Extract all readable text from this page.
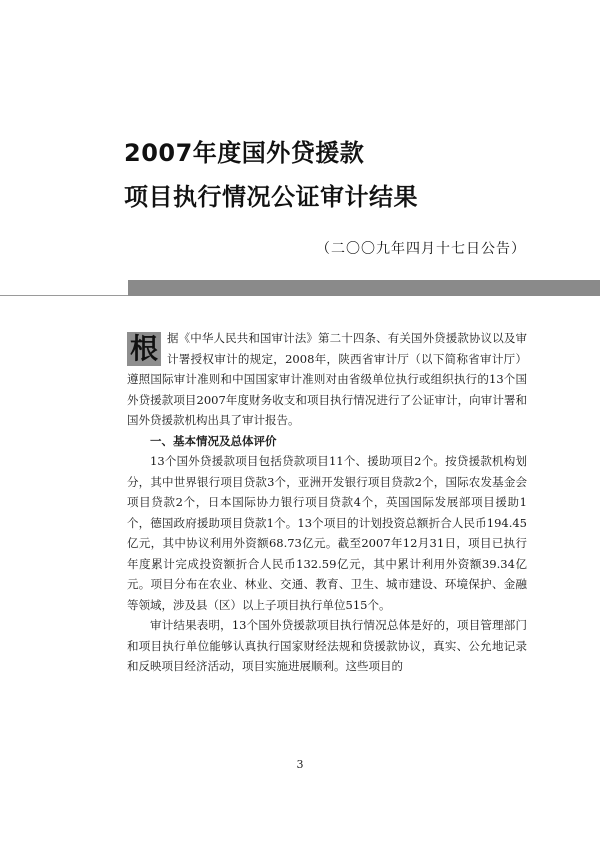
2007年度国外贷援款
项目执行情况公证审计结果

（二〇〇九年四月十七日公告）

根 据《中华人民共和国审计法》第二十四条、有关国外贷援款协议以及审计署授权审计的规定，2008年，陕西省审计厅（以下简称省审计厅）遵照国际审计准则和中国国家审计准则对由省级单位执行或组织执行的13个国外贷援款项目2007年度财务收支和项目执行情况进行了公证审计，向审计署和国外贷援款机构出具了审计报告。

一、基本情况及总体评价

13个国外贷援款项目包括贷款项目11个、援助项目2个。按贷援款机构划分，其中世界银行项目贷款3个，亚洲开发银行项目贷款2个，国际农发基金会项目贷款2个，日本国际协力银行项目贷款4个，英国国际发展部项目援助1个，德国政府援助项目贷款1个。13个项目的计划投资总额折合人民币194.45亿元，其中协议利用外资额68.73亿元。截至2007年12月31日，项目已执行年度累计完成投资额折合人民币132.59亿元，其中累计利用外资额39.34亿元。项目分布在农业、林业、交通、教育、卫生、城市建设、环境保护、金融等领域，涉及县（区）以上子项目执行单位515个。

审计结果表明，13个国外贷援款项目执行情况总体是好的，项目管理部门和项目执行单位能够认真执行国家财经法规和贷援款协议，真实、公允地记录和反映项目经济活动，项目实施进展顺利。这些项目的

3
